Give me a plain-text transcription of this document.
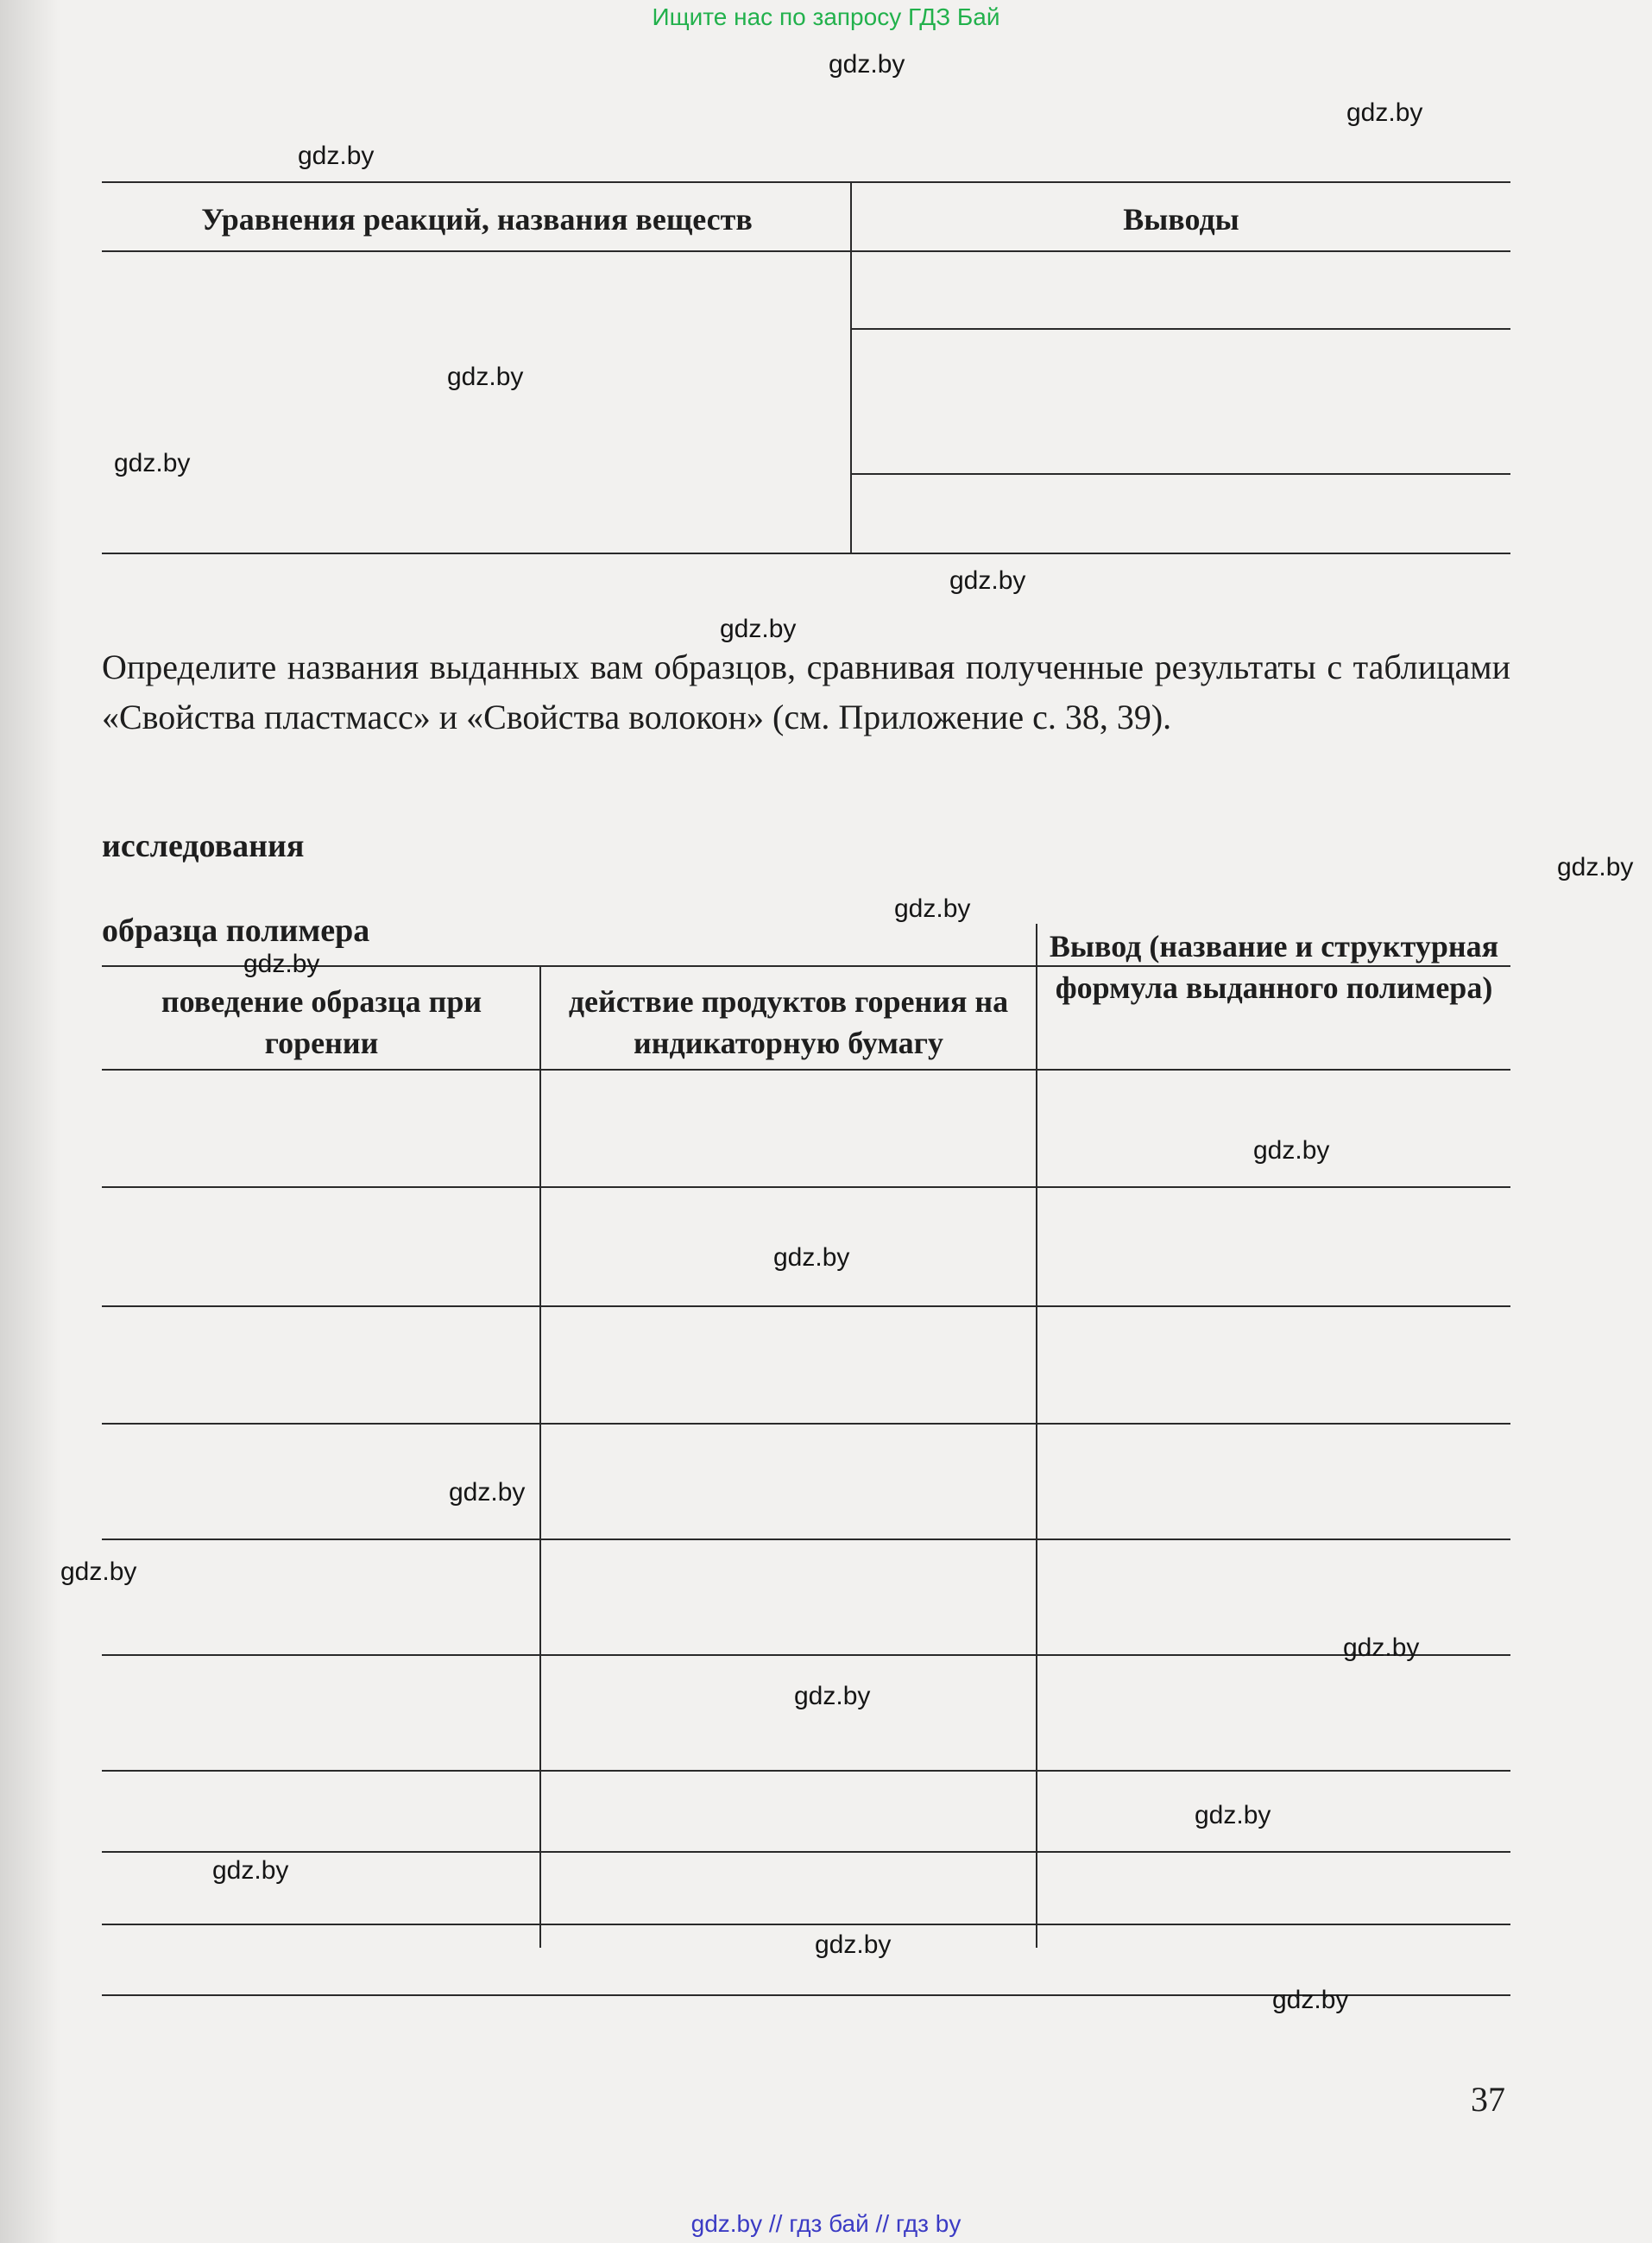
Ищите нас по запросу ГДЗ Бай
Уравнения реакций, названия веществ	Выводы
Определите названия выданных вам образцов, сравнивая полученные результаты с таблицами «Свойства пластмасс» и «Свойства волокон» (см. Приложение с. 38, 39).
исследования
образца полимера
поведение образца при горении
действие продуктов горения на индикаторную бумагу
Вывод (название и структурная формула выданного полимера)
37
gdz.by
gdz.by
gdz.by
gdz.by
gdz.by
gdz.by
gdz.by
gdz.by
gdz.by
gdz.by
gdz.by
gdz.by
gdz.by
gdz.by
gdz.by
gdz.by
gdz.by
gdz.by
gdz.by
gdz.by
gdz.by // гдз бай // гдз by
